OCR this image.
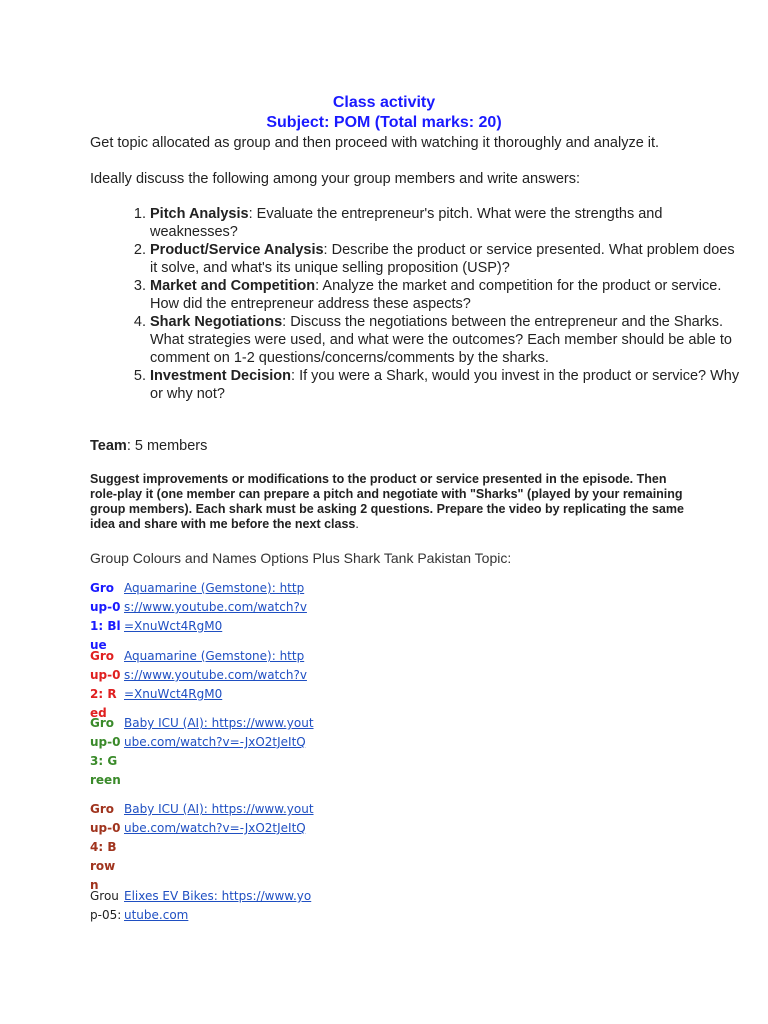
Class activity
Subject: POM (Total marks: 20)
Get topic allocated as group and then proceed with watching it thoroughly and analyze it.
Ideally discuss the following among your group members and write answers:
1. Pitch Analysis: Evaluate the entrepreneur's pitch. What were the strengths and weaknesses?
2. Product/Service Analysis: Describe the product or service presented. What problem does it solve, and what's its unique selling proposition (USP)?
3. Market and Competition: Analyze the market and competition for the product or service. How did the entrepreneur address these aspects?
4. Shark Negotiations: Discuss the negotiations between the entrepreneur and the Sharks. What strategies were used, and what were the outcomes? Each member should be able to comment on 1-2 questions/concerns/comments by the sharks.
5. Investment Decision: If you were a Shark, would you invest in the product or service? Why or why not?
Team: 5 members
Suggest improvements or modifications to the product or service presented in the episode. Then role-play it (one member can prepare a pitch and negotiate with "Sharks" (played by your remaining group members). Each shark must be asking 2 questions. Prepare the video by replicating the same idea and share with me before the next class.
Group Colours and Names Options Plus Shark Tank Pakistan Topic:
Group-01: Blue
Aquamarine (Gemstone): https://www.youtube.com/watch?v=XnuWct4RgM0
Group-02: Red
Aquamarine (Gemstone): https://www.youtube.com/watch?v=XnuWct4RgM0
Group-03: Green
Baby ICU (AI): https://www.youtube.com/watch?v=-JxO2tJeItQ
Group-04: Brown
Baby ICU (AI): https://www.youtube.com/watch?v=-JxO2tJeItQ
Group-05:
Elixes EV Bikes: https://www.youtube.com
